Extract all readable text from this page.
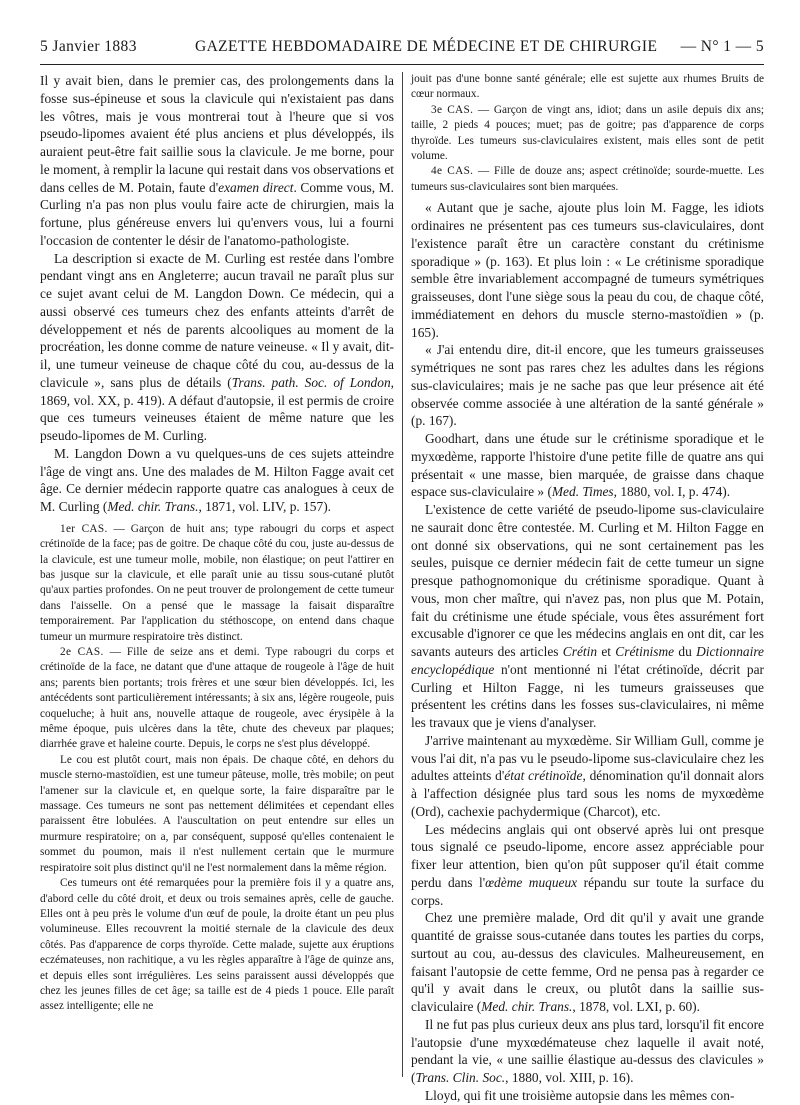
5 Janvier 1883	GAZETTE HEBDOMADAIRE DE MÉDECINE ET DE CHIRURGIE — N° 1 — 5

Il y avait bien, dans le premier cas, des prolongements dans la fosse sus-épineuse et sous la clavicule qui n'existaient pas dans les vôtres, mais je vous montrerai tout à l'heure que si vos pseudo-lipomes avaient été plus anciens et plus développés, ils auraient peut-être fait saillie sous la clavicule. Je me borne, pour le moment, à remplir la lacune qui restait dans vos observations et dans celles de M. Potain, faute d'examen direct. Comme vous, M. Curling n'a pas non plus voulu faire acte de chirurgien, mais la fortune, plus généreuse envers lui qu'envers vous, lui a fourni l'occasion de contenter le désir de l'anatomo-pathologiste.

La description si exacte de M. Curling est restée dans l'ombre pendant vingt ans en Angleterre; aucun travail ne paraît plus sur ce sujet avant celui de M. Langdon Down. Ce médecin, qui a aussi observé ces tumeurs chez des enfants atteints d'arrêt de développement et nés de parents alcooliques au moment de la procréation, les donne comme de nature veineuse. « Il y avait, dit-il, une tumeur veineuse de chaque côté du cou, au-dessus de la clavicule », sans plus de détails (Trans. path. Soc. of London, 1869, vol. XX, p. 419). A défaut d'autopsie, il est permis de croire que ces tumeurs veineuses étaient de même nature que les pseudo-lipomes de M. Curling.

M. Langdon Down a vu quelques-uns de ces sujets atteindre l'âge de vingt ans. Une des malades de M. Hilton Fagge avait cet âge. Ce dernier médecin rapporte quatre cas analogues à ceux de M. Curling (Med. chir. Trans., 1871, vol. LIV, p. 157).

1er CAS. — Garçon de huit ans; type rabougri du corps et aspect crétinoïde de la face; pas de goitre. De chaque côté du cou, juste au-dessus de la clavicule, est une tumeur molle, mobile, non élastique; on peut l'attirer en bas jusque sur la clavicule, et elle paraît unie au tissu sous-cutané plutôt qu'aux parties profondes. On ne peut trouver de prolongement de cette tumeur dans l'aisselle. On a pensé que le massage la faisait disparaître temporairement. Par l'application du stéthoscope, on entend dans chaque tumeur un murmure respiratoire très distinct.

2e CAS. — Fille de seize ans et demi. Type rabougri du corps et crétinoïde de la face, ne datant que d'une attaque de rougeole à l'âge de huit ans; parents bien portants; trois frères et une sœur bien développés. Ici, les antécédents sont particulièrement intéressants; à six ans, légère rougeole, puis coqueluche; à huit ans, nouvelle attaque de rougeole, avec érysipèle à la même époque, puis ulcères dans la tête, chute des cheveux par plaques; diarrhée grave et haleine courte. Depuis, le corps ne s'est plus développé.

Le cou est plutôt court, mais non épais. De chaque côté, en dehors du muscle sterno-mastoïdien, est une tumeur pâteuse, molle, très mobile; on peut l'amener sur la clavicule et, en quelque sorte, la faire disparaître par le massage. Ces tumeurs ne sont pas nettement délimitées et cependant elles paraissent être lobulées. A l'auscultation on peut entendre sur elles un murmure respiratoire; on a, par conséquent, supposé qu'elles contenaient le sommet du poumon, mais il n'est nullement certain que le murmure respiratoire soit plus distinct qu'il ne l'est normalement dans la même région.

Ces tumeurs ont été remarquées pour la première fois il y a quatre ans, d'abord celle du côté droit, et deux ou trois semaines après, celle de gauche. Elles ont à peu près le volume d'un œuf de poule, la droite étant un peu plus volumineuse. Elles recouvrent la moitié sternale de la clavicule des deux côtés. Pas d'apparence de corps thyroïde. Cette malade, sujette aux éruptions eczémateuses, non rachitique, a vu les règles apparaître à l'âge de quinze ans, et depuis elles sont irrégulières. Les seins paraissent aussi développés que chez les jeunes filles de cet âge; sa taille est de 4 pieds 1 pouce. Elle paraît assez intelligente; elle ne

jouit pas d'une bonne santé générale; elle est sujette aux rhumes Bruits de cœur normaux.

3e CAS. — Garçon de vingt ans, idiot; dans un asile depuis dix ans; taille, 2 pieds 4 pouces; muet; pas de goitre; pas d'apparence de corps thyroïde. Les tumeurs sus-claviculaires existent, mais elles sont de petit volume.

4e CAS. — Fille de douze ans; aspect crétinoïde; sourde-muette. Les tumeurs sus-claviculaires sont bien marquées.

« Autant que je sache, ajoute plus loin M. Fagge, les idiots ordinaires ne présentent pas ces tumeurs sus-claviculaires, dont l'existence paraît être un caractère constant du crétinisme sporadique » (p. 163). Et plus loin : « Le crétinisme sporadique semble être invariablement accompagné de tumeurs symétriques graisseuses, dont l'une siège sous la peau du cou, de chaque côté, immédiatement en dehors du muscle sterno-mastoïdien » (p. 165).

« J'ai entendu dire, dit-il encore, que les tumeurs graisseuses symétriques ne sont pas rares chez les adultes dans les régions sus-claviculaires; mais je ne sache pas que leur présence ait été observée comme associée à une altération de la santé générale » (p. 167).

Goodhart, dans une étude sur le crétinisme sporadique et le myxœdème, rapporte l'histoire d'une petite fille de quatre ans qui présentait « une masse, bien marquée, de graisse dans chaque espace sus-claviculaire » (Med. Times, 1880, vol. I, p. 474).

L'existence de cette variété de pseudo-lipome sus-claviculaire ne saurait donc être contestée. M. Curling et M. Hilton Fagge en ont donné six observations, qui ne sont certainement pas les seules, puisque ce dernier médecin fait de cette tumeur un signe presque pathognomonique du crétinisme sporadique. Quant à vous, mon cher maître, qui n'avez pas, non plus que M. Potain, fait du crétinisme une étude spéciale, vous êtes assurément fort excusable d'ignorer ce que les médecins anglais en ont dit, car les savants auteurs des articles Crétin et Crétinisme du Dictionnaire encyclopédique n'ont mentionné ni l'état crétinoïde, décrit par Curling et Hilton Fagge, ni les tumeurs graisseuses que présentent les crétins dans les fosses sus-claviculaires, ni même les travaux que je viens d'analyser.

J'arrive maintenant au myxœdème. Sir William Gull, comme je vous l'ai dit, n'a pas vu le pseudo-lipome sus-claviculaire chez les adultes atteints d'état crétinoïde, dénomination qu'il donnait alors à l'affection désignée plus tard sous les noms de myxœdème (Ord), cachexie pachydermique (Charcot), etc.

Les médecins anglais qui ont observé après lui ont presque tous signalé ce pseudo-lipome, encore assez appréciable pour fixer leur attention, bien qu'on pût supposer qu'il était comme perdu dans l'œdème muqueux répandu sur toute la surface du corps.

Chez une première malade, Ord dit qu'il y avait une grande quantité de graisse sous-cutanée dans toutes les parties du corps, surtout au cou, au-dessus des clavicules. Malheureusement, en faisant l'autopsie de cette femme, Ord ne pensa pas à regarder ce qu'il y avait dans le creux, ou plutôt dans la saillie sus-claviculaire (Med. chir. Trans., 1878, vol. LXI, p. 60).

Il ne fut pas plus curieux deux ans plus tard, lorsqu'il fit encore l'autopsie d'une myxœdémateuse chez laquelle il avait noté, pendant la vie, « une saillie élastique au-dessus des clavicules » (Trans. Clin. Soc., 1880, vol. XIII, p. 16).

Lloyd, qui fit une troisième autopsie dans les mêmes con-
